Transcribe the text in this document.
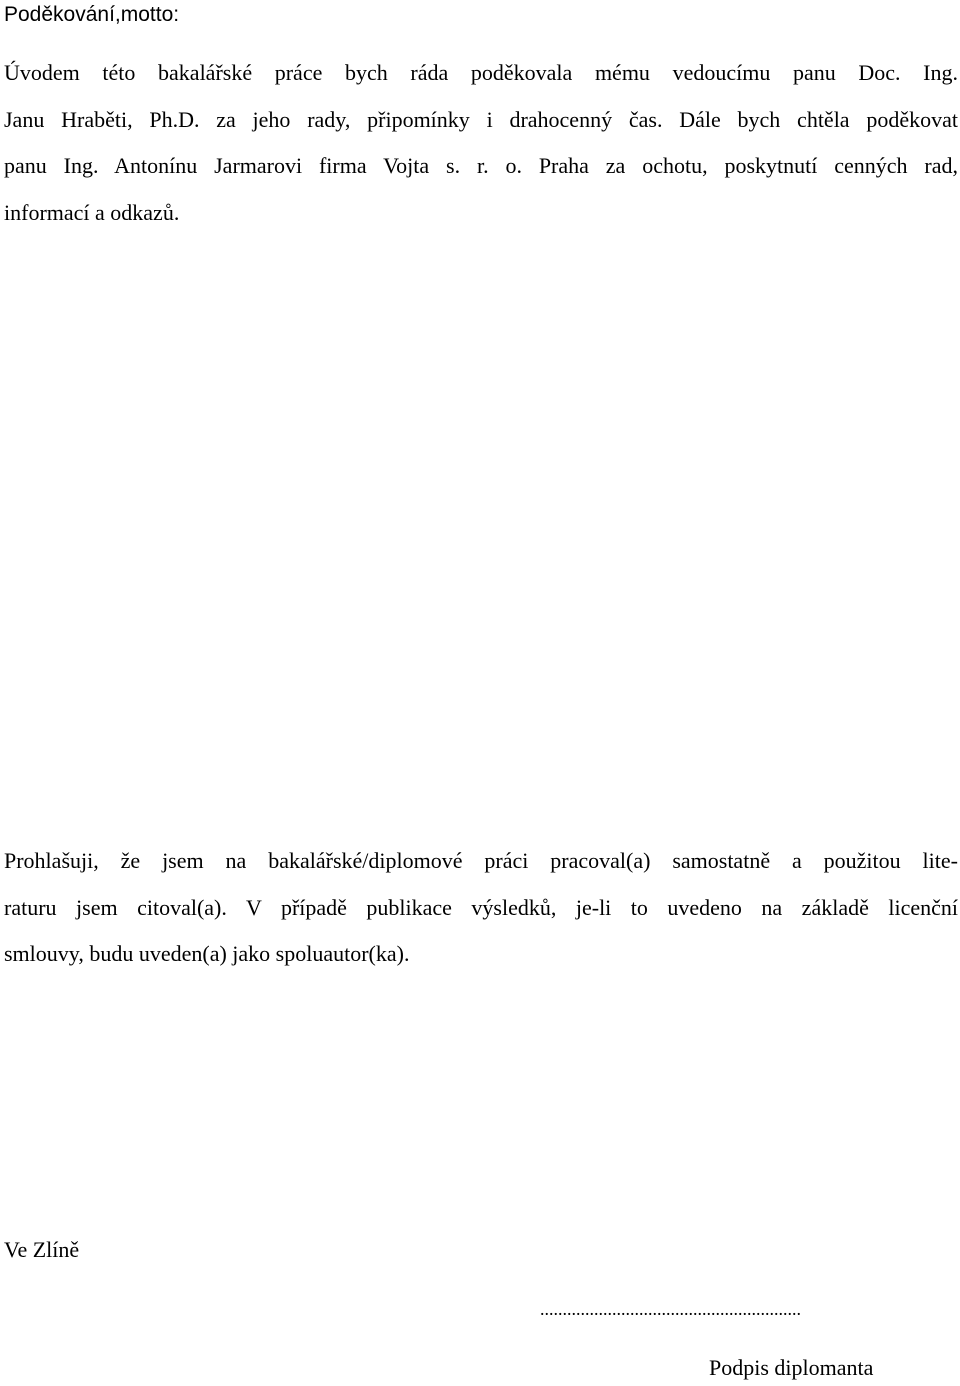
Poděkování,motto:
Úvodem této bakalářské práce bych ráda poděkovala mému vedoucímu panu Doc. Ing.
Janu Hraběti, Ph.D. za jeho rady, připomínky i drahocenný čas. Dále bych chtěla poděkovat
panu Ing. Antonínu Jarmarovi firma Vojta s. r. o. Praha za ochotu, poskytnutí cenných rad,
informací a odkazů.
Prohlašuji, že jsem na bakalářské/diplomové práci pracoval(a) samostatně a použitou lite-
raturu jsem citoval(a). V případě publikace výsledků, je-li to uvedeno na základě licenční
smlouvy, budu uveden(a) jako spoluautor(ka).
Ve Zlíně
..........................................................
Podpis diplomanta
